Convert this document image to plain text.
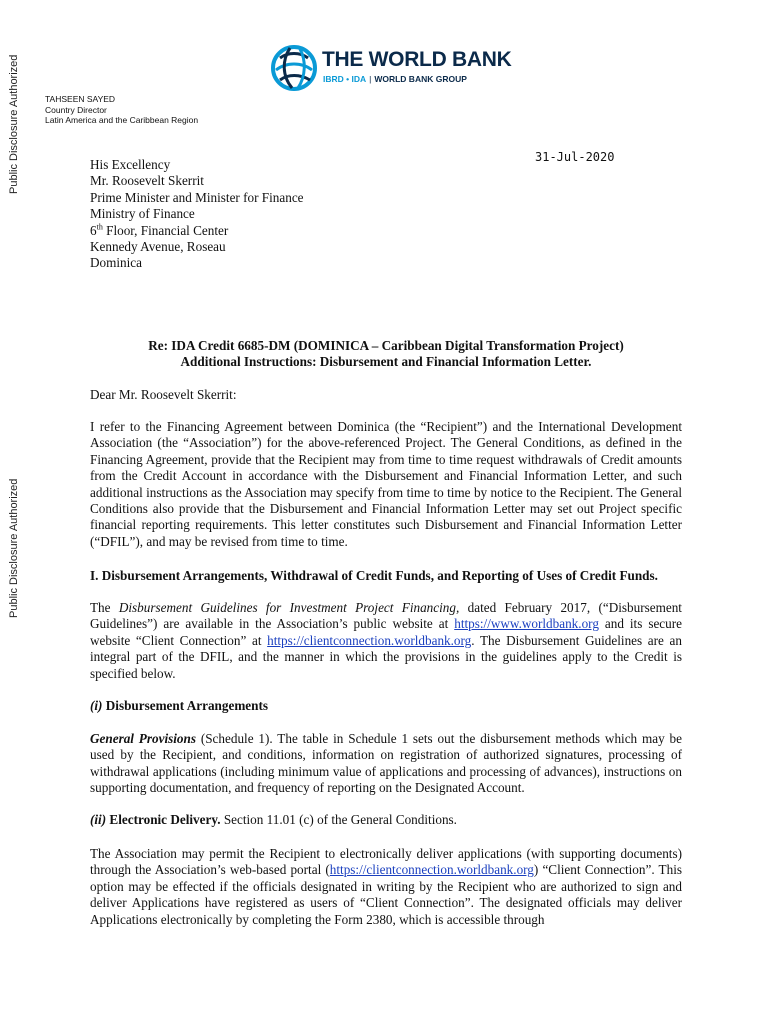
Public Disclosure Authorized
Public Disclosure Authorized
THE WORLD BANK
IBRD • IDA | WORLD BANK GROUP
TAHSEEN SAYED
Country Director
Latin America and the Caribbean Region
31-Jul-2020
His Excellency
Mr. Roosevelt Skerrit
Prime Minister and Minister for Finance
Ministry of Finance
6th Floor, Financial Center
Kennedy Avenue, Roseau
Dominica
Re: IDA Credit 6685-DM (DOMINICA – Caribbean Digital Transformation Project)
Additional Instructions: Disbursement and Financial Information Letter.
Dear Mr. Roosevelt Skerrit:
I refer to the Financing Agreement between Dominica (the “Recipient”) and the International Development Association (the “Association”) for the above-referenced Project. The General Conditions, as defined in the Financing Agreement, provide that the Recipient may from time to time request withdrawals of Credit amounts from the Credit Account in accordance with the Disbursement and Financial Information Letter, and such additional instructions as the Association may specify from time to time by notice to the Recipient. The General Conditions also provide that the Disbursement and Financial Information Letter may set out Project specific financial reporting requirements. This letter constitutes such Disbursement and Financial Information Letter (“DFIL”), and may be revised from time to time.
I. Disbursement Arrangements, Withdrawal of Credit Funds, and Reporting of Uses of Credit Funds.
The Disbursement Guidelines for Investment Project Financing, dated February 2017, (“Disbursement Guidelines”) are available in the Association’s public website at https://www.worldbank.org and its secure website “Client Connection” at https://clientconnection.worldbank.org. The Disbursement Guidelines are an integral part of the DFIL, and the manner in which the provisions in the guidelines apply to the Credit is specified below.
(i) Disbursement Arrangements
General Provisions (Schedule 1). The table in Schedule 1 sets out the disbursement methods which may be used by the Recipient, and conditions, information on registration of authorized signatures, processing of withdrawal applications (including minimum value of applications and processing of advances), instructions on supporting documentation, and frequency of reporting on the Designated Account.
(ii) Electronic Delivery. Section 11.01 (c) of the General Conditions.
The Association may permit the Recipient to electronically deliver applications (with supporting documents) through the Association’s web-based portal (https://clientconnection.worldbank.org) “Client Connection”. This option may be effected if the officials designated in writing by the Recipient who are authorized to sign and deliver Applications have registered as users of “Client Connection”. The designated officials may deliver Applications electronically by completing the Form 2380, which is accessible through
